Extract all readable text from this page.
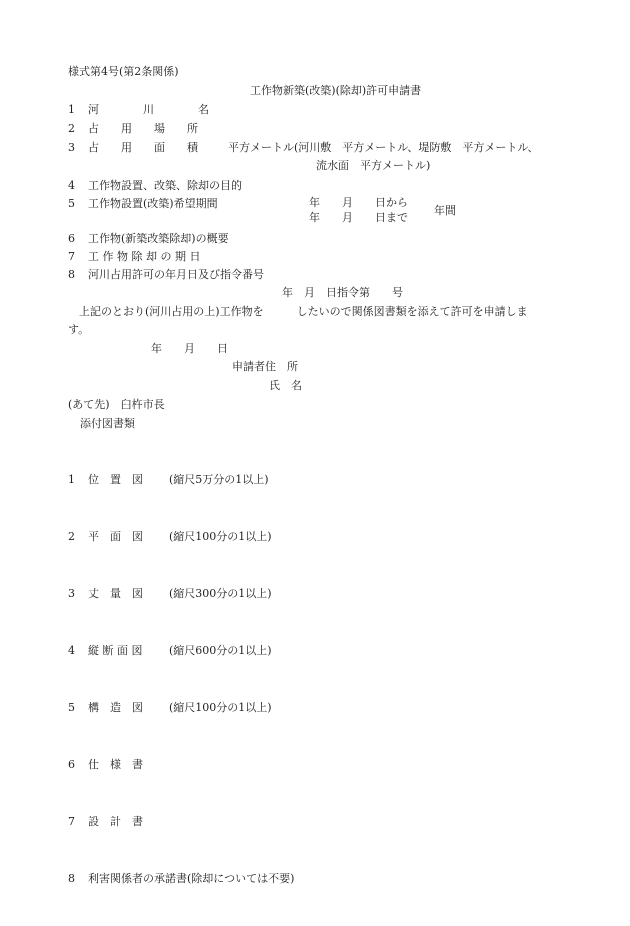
様式第4号(第2条関係)
工作物新築(改築)(除却)許可申請書
1 河　　　　川　　　　名
2 占　　用　　場　　所
3 占　　用　　面　　積	平方メートル(河川敷　平方メートル、堤防敷　平方メートル、
流水面　平方メートル)
4 工作物設置、改築、除却の目的
5 工作物設置(改築)希望期間	年　　月　　日から
年　　月　　日まで
年間
6 工作物(新築改築除却)の概要
7 工 作 物 除 却 の 期 日
8 河川占用許可の年月日及び指令番号
年　月　日指令第　　号
　上記のとおり(河川占用の上)工作物を　　　したいので関係図書類を添えて許可を申請しま
す。
年　　月　　日
申請者住　所
氏　名
(あて先)　臼杵市長
添付図書類

1

2

3

4

5

6

7

8

位　置　図

平　面　図

丈　量　図

縦 断 面 図

構　造　図

仕　様　書

設　計　書

利害関係者の承諾書(除却については不要)

(縮尺5万分の1以上)

(縮尺100分の1以上)

(縮尺300分の1以上)

(縮尺600分の1以上)

(縮尺100分の1以上)
